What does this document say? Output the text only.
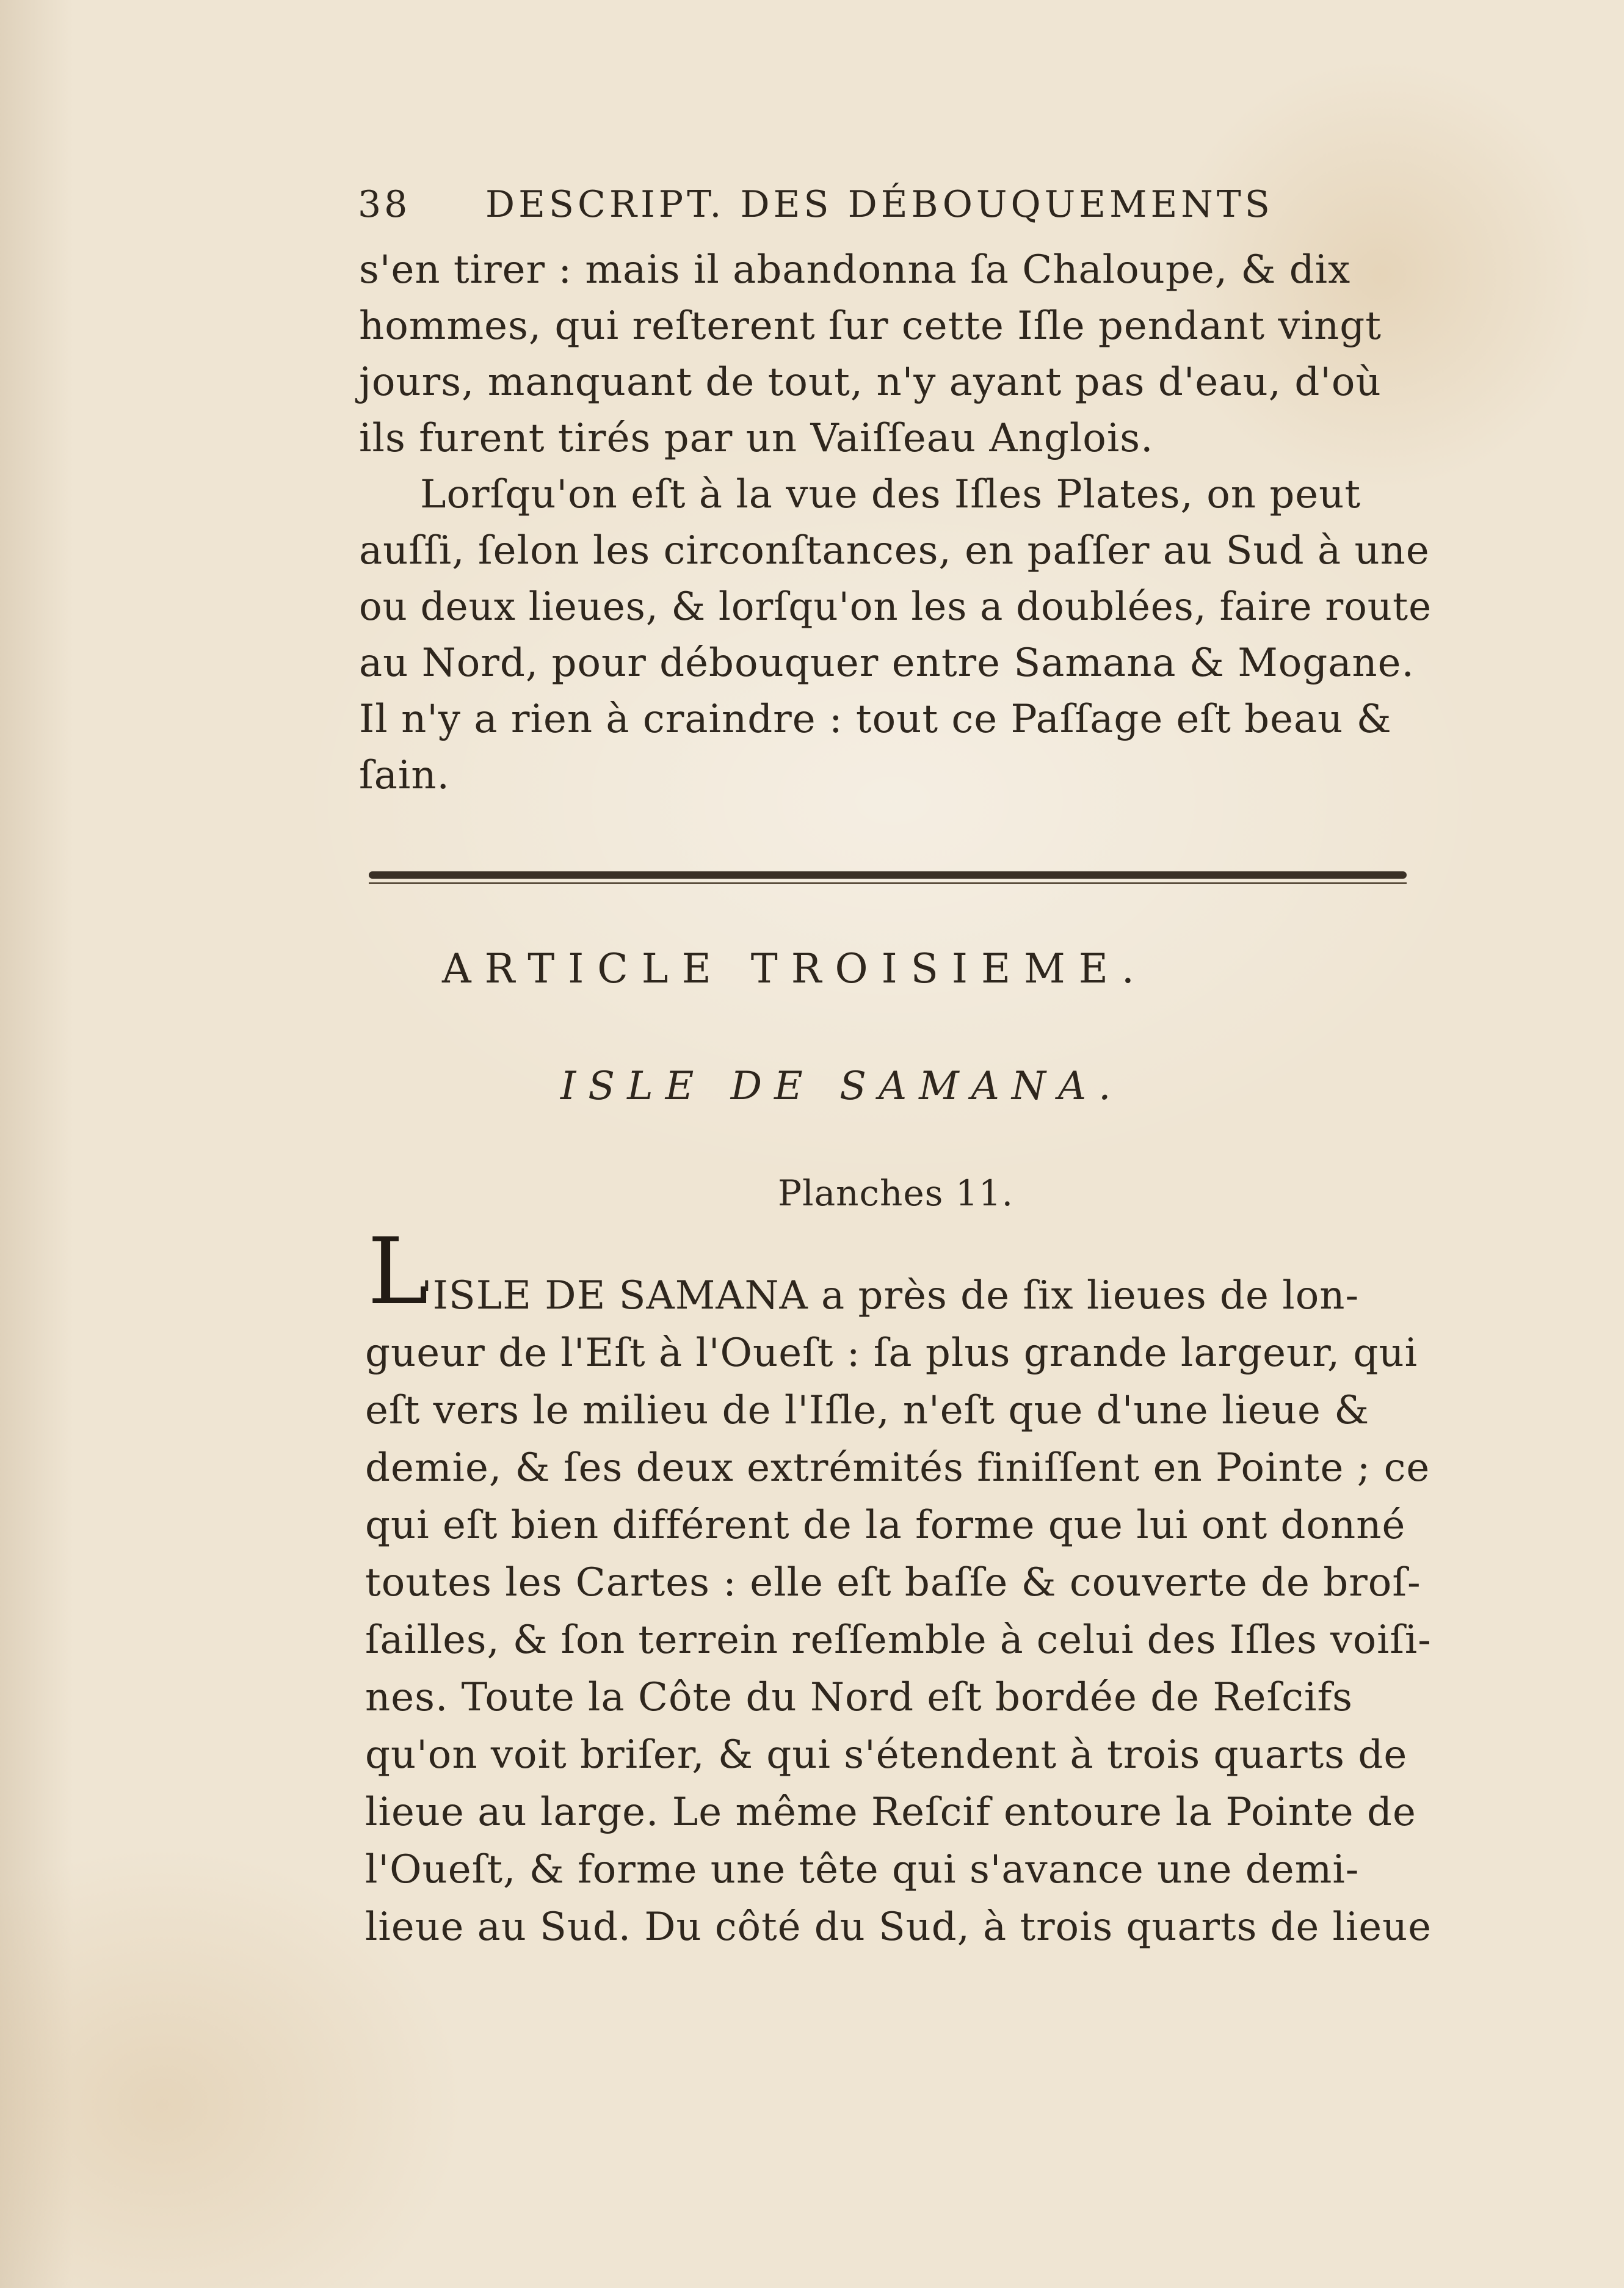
38 DESCRIPT. DES DÉBOUQUEMENTS
s'en tirer : mais il abandonna ſa Chaloupe, & dix
hommes, qui reſterent ſur cette Iſle pendant vingt
jours, manquant de tout, n'y ayant pas d'eau, d'où
ils furent tirés par un Vaiſſeau Anglois.
Lorſqu'on eſt à la vue des Iſles Plates, on peut
auſſi, ſelon les circonſtances, en paſſer au Sud à une
ou deux lieues, & lorſqu'on les a doublées, faire route
au Nord, pour débouquer entre Samana & Mogane.
Il n'y a rien à craindre : tout ce Paſſage eſt beau &
ſain.
ARTICLE TROISIEME.
ISLE DE SAMANA.
Planches 11.
L
'ISLE DE SAMANA a près de ſix lieues de lon-
gueur de l'Eſt à l'Oueſt : ſa plus grande largeur, qui
eſt vers le milieu de l'Iſle, n'eſt que d'une lieue &
demie, & ſes deux extrémités finiſſent en Pointe ; ce
qui eſt bien différent de la forme que lui ont donné
toutes les Cartes : elle eſt baſſe & couverte de broſ-
ſailles, & ſon terrein reſſemble à celui des Iſles voiſi-
nes. Toute la Côte du Nord eſt bordée de Reſcifs
qu'on voit briſer, & qui s'étendent à trois quarts de
lieue au large. Le même Reſcif entoure la Pointe de
l'Oueſt, & forme une tête qui s'avance une demi-
lieue au Sud. Du côté du Sud, à trois quarts de lieue
